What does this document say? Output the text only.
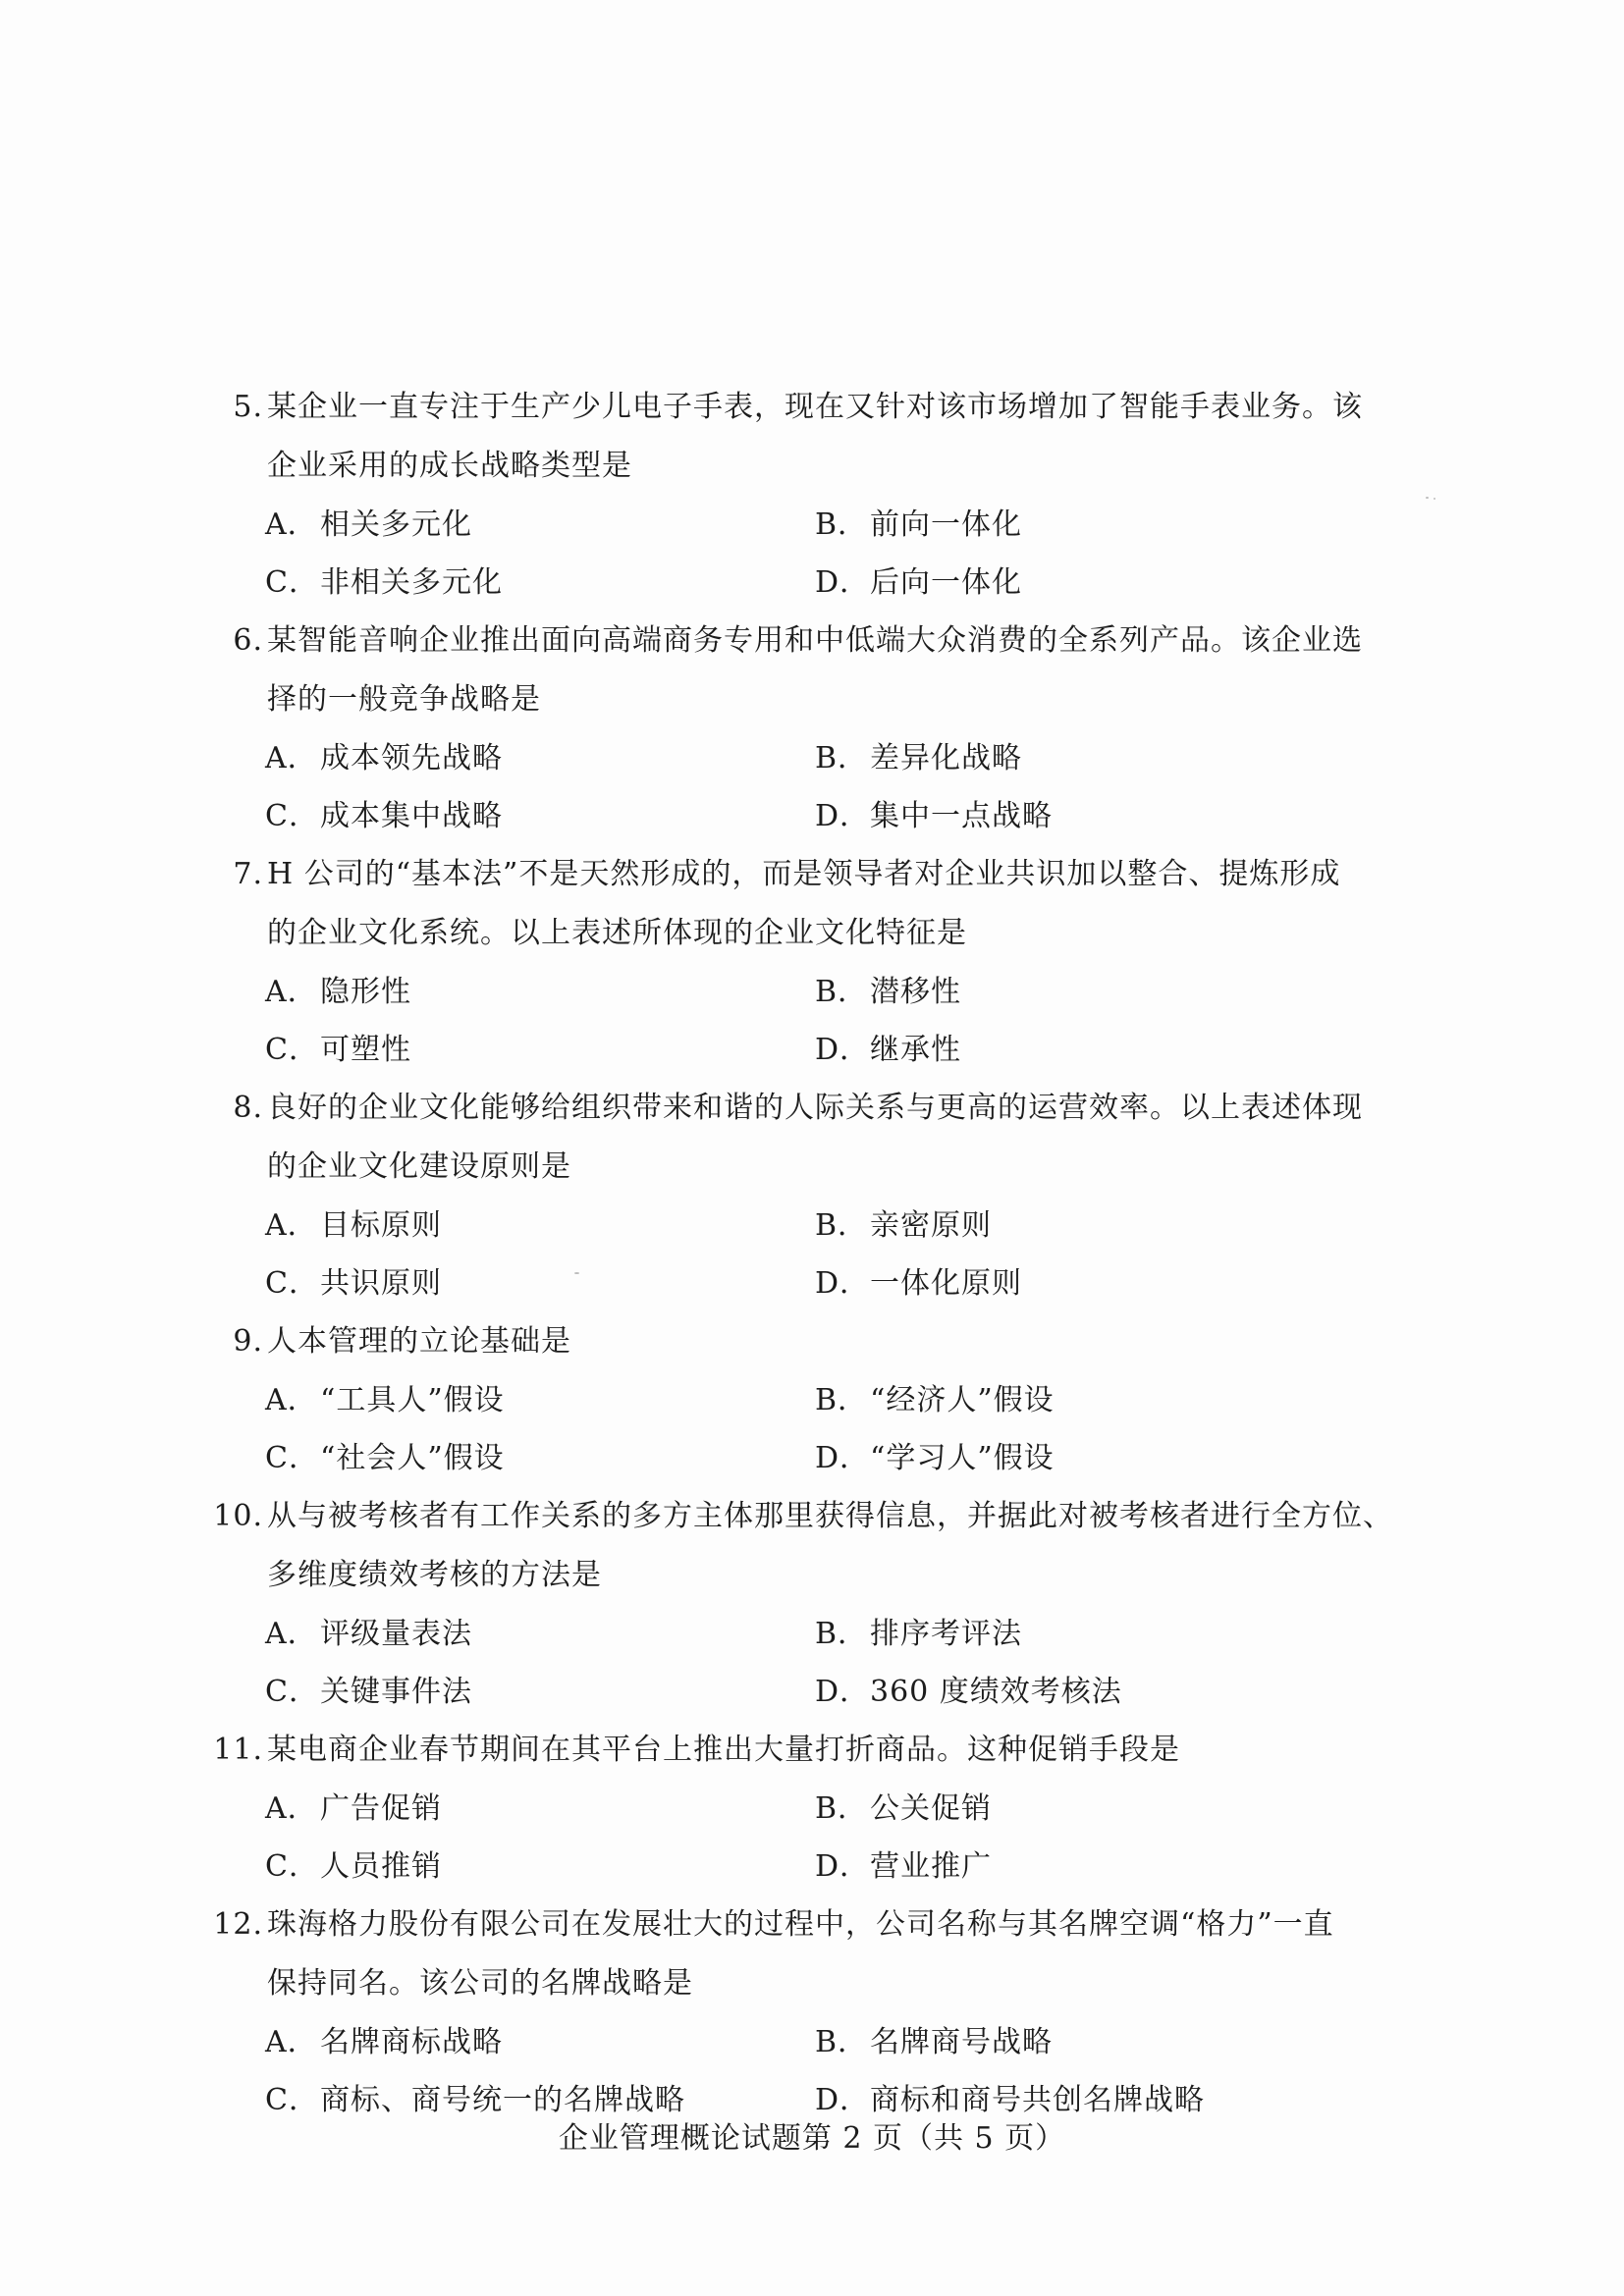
5. 某企业一直专注于生产少儿电子手表，现在又针对该市场增加了智能手表业务。该
企业采用的成长战略类型是
A．相关多元化	B．前向一体化
C．非相关多元化	D．后向一体化
6. 某智能音响企业推出面向高端商务专用和中低端大众消费的全系列产品。该企业选
择的一般竞争战略是
A．成本领先战略	B．差异化战略
C．成本集中战略	D．集中一点战略
7. H 公司的“基本法”不是天然形成的，而是领导者对企业共识加以整合、提炼形成
的企业文化系统。以上表述所体现的企业文化特征是
A．隐形性	B．潜移性
C．可塑性	D．继承性
8. 良好的企业文化能够给组织带来和谐的人际关系与更高的运营效率。以上表述体现
的企业文化建设原则是
A．目标原则	B．亲密原则
C．共识原则	D．一体化原则
9. 人本管理的立论基础是
A．“工具人”假设	B．“经济人”假设
C．“社会人”假设	D．“学习人”假设
10. 从与被考核者有工作关系的多方主体那里获得信息，并据此对被考核者进行全方位、
多维度绩效考核的方法是
A．评级量表法	B．排序考评法
C．关键事件法	D．360 度绩效考核法
11. 某电商企业春节期间在其平台上推出大量打折商品。这种促销手段是
A．广告促销	B．公关促销
C．人员推销	D．营业推广
12. 珠海格力股份有限公司在发展壮大的过程中，公司名称与其名牌空调“格力”一直
保持同名。该公司的名牌战略是
A．名牌商标战略	B．名牌商号战略
C．商标、商号统一的名牌战略	D．商标和商号共创名牌战略
企业管理概论试题第 2 页（共 5 页）
